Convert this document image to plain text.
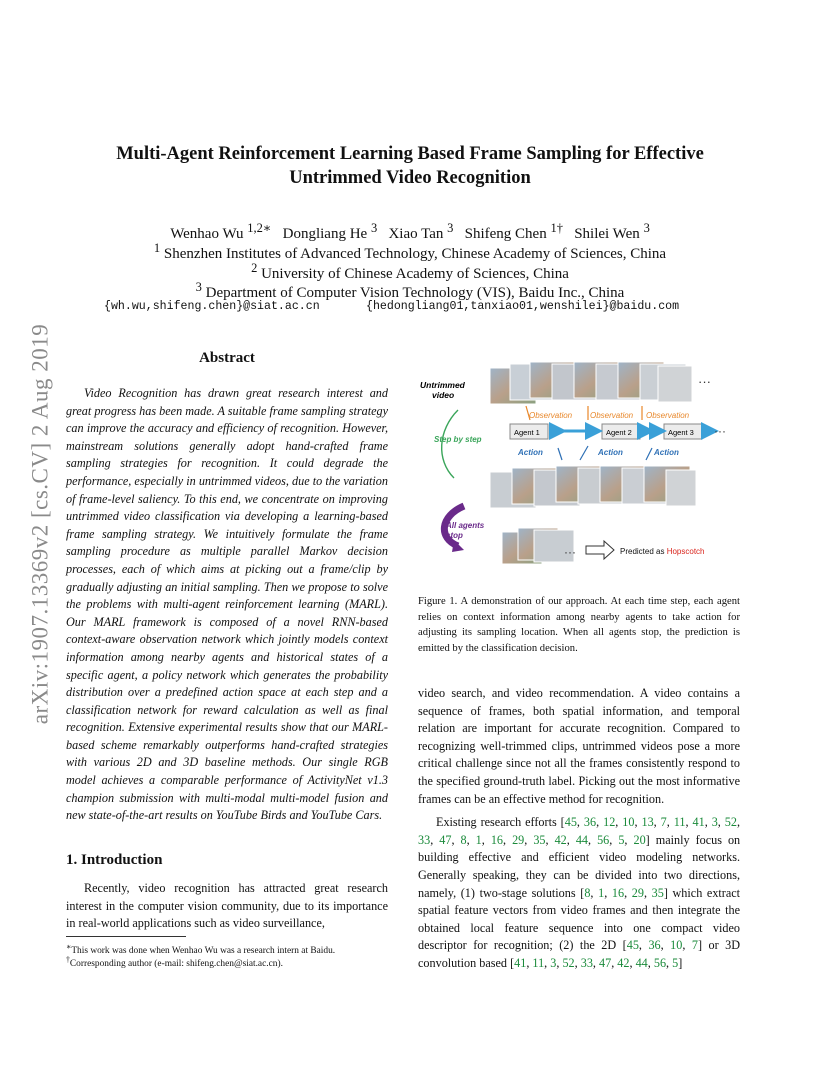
arXiv:1907.13369v2 [cs.CV] 2 Aug 2019
Multi-Agent Reinforcement Learning Based Frame Sampling for Effective
Untrimmed Video Recognition
Wenhao Wu $^{1,2∗}$ Dongliang He $^3$ Xiao Tan $^3$ Shifeng Chen $^{1\dagger}$ Shilei Wen $^3$
$^1$ Shenzhen Institutes of Advanced Technology, Chinese Academy of Sciences, China
$^2$ University of Chinese Academy of Sciences, China
$^3$ Department of Computer Vision Technology (VIS), Baidu Inc., China
{wh.wu,shifeng.chen}@siat.ac.cn	{hedongliang01,tanxiao01,wenshilei}@baidu.com
Abstract
Video Recognition has drawn great research interest and great progress has been made. A suitable frame sampling strategy can improve the accuracy and efficiency of recognition. However, mainstream solutions generally adopt hand-crafted frame sampling strategies for recognition. It could degrade the performance, especially in untrimmed videos, due to the variation of frame-level saliency. To this end, we concentrate on improving untrimmed video classification via developing a learning-based frame sampling strategy. We intuitively formulate the frame sampling procedure as multiple parallel Markov decision processes, each of which aims at picking out a frame/clip by gradually adjusting an initial sampling. Then we propose to solve the problems with multi-agent reinforcement learning (MARL). Our MARL framework is composed of a novel RNN-based context-aware observation network which jointly models context information among nearby agents and historical states of a specific agent, a policy network which generates the probability distribution over a predefined action space at each step and a classification network for reward calculation as well as final recognition. Extensive experimental results show that our MARL-based scheme remarkably outperforms hand-crafted strategies with various 2D and 3D baseline methods. Our single RGB model achieves a comparable performance of ActivityNet v1.3 champion submission with multi-modal multi-model fusion and new state-of-the-art results on YouTube Birds and YouTube Cars.
1. Introduction
Recently, video recognition has attracted great research interest in the computer vision community, due to its importance in real-world applications such as video surveillance,
∗This work was done when Wenhao Wu was a research intern at Baidu.
†Corresponding author (e-mail: shifeng.chen@siat.ac.cn).
···
Untrimmed
video
Observation Observation Observation
Agent 1	Agent 2	Agent 3 ···
Step by step
Action	Action	Action
All agents
stop
···	Predicted as Hopscotch
Figure 1. A demonstration of our approach. At each time step, each agent relies on context information among nearby agents to take action for adjusting its sampling location. When all agents stop, the prediction is emitted by the classification decision.

video search, and video recommendation. A video contains a sequence of frames, both spatial information, and temporal relation are important for accurate recognition. Compared to recognizing well-trimmed clips, untrimmed videos pose a more critical challenge since not all the frames consistently respond to the specified ground-truth label. Picking out the most informative frames can be an effective method for recognition.

Existing research efforts [45, 36, 12, 10, 13, 7, 11, 41, 3, 52, 33, 47, 8, 1, 16, 29, 35, 42, 44, 56, 5, 20] mainly focus on building effective and efficient video modeling networks. Generally speaking, they can be divided into two directions, namely, (1) two-stage solutions [8, 1, 16, 29, 35] which extract spatial feature vectors from video frames and then integrate the obtained local feature sequence into one compact video descriptor for recognition; (2) the 2D [45, 36, 10, 7] or 3D convolution based [41, 11, 3, 52, 33, 47, 42, 44, 56, 5]
